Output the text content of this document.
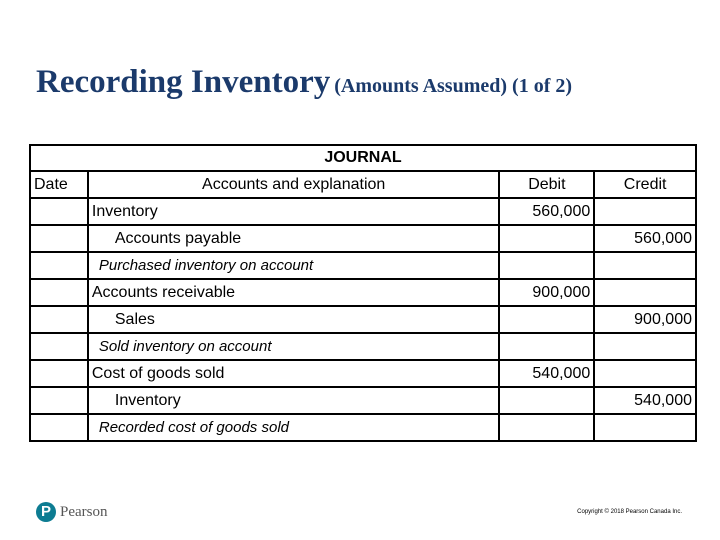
Recording Inventory (Amounts Assumed) (1 of 2)
JOURNAL			
Date	Accounts and explanation	Debit	Credit
	Inventory	560,000	
	Accounts payable		560,000
	Purchased inventory on account		
	Accounts receivable	900,000	
	Sales		900,000
	Sold inventory on account		
	Cost of goods sold	540,000	
	Inventory		540,000
	Recorded cost of goods sold		
P Pearson	Copyright © 2018 Pearson Canada Inc.
